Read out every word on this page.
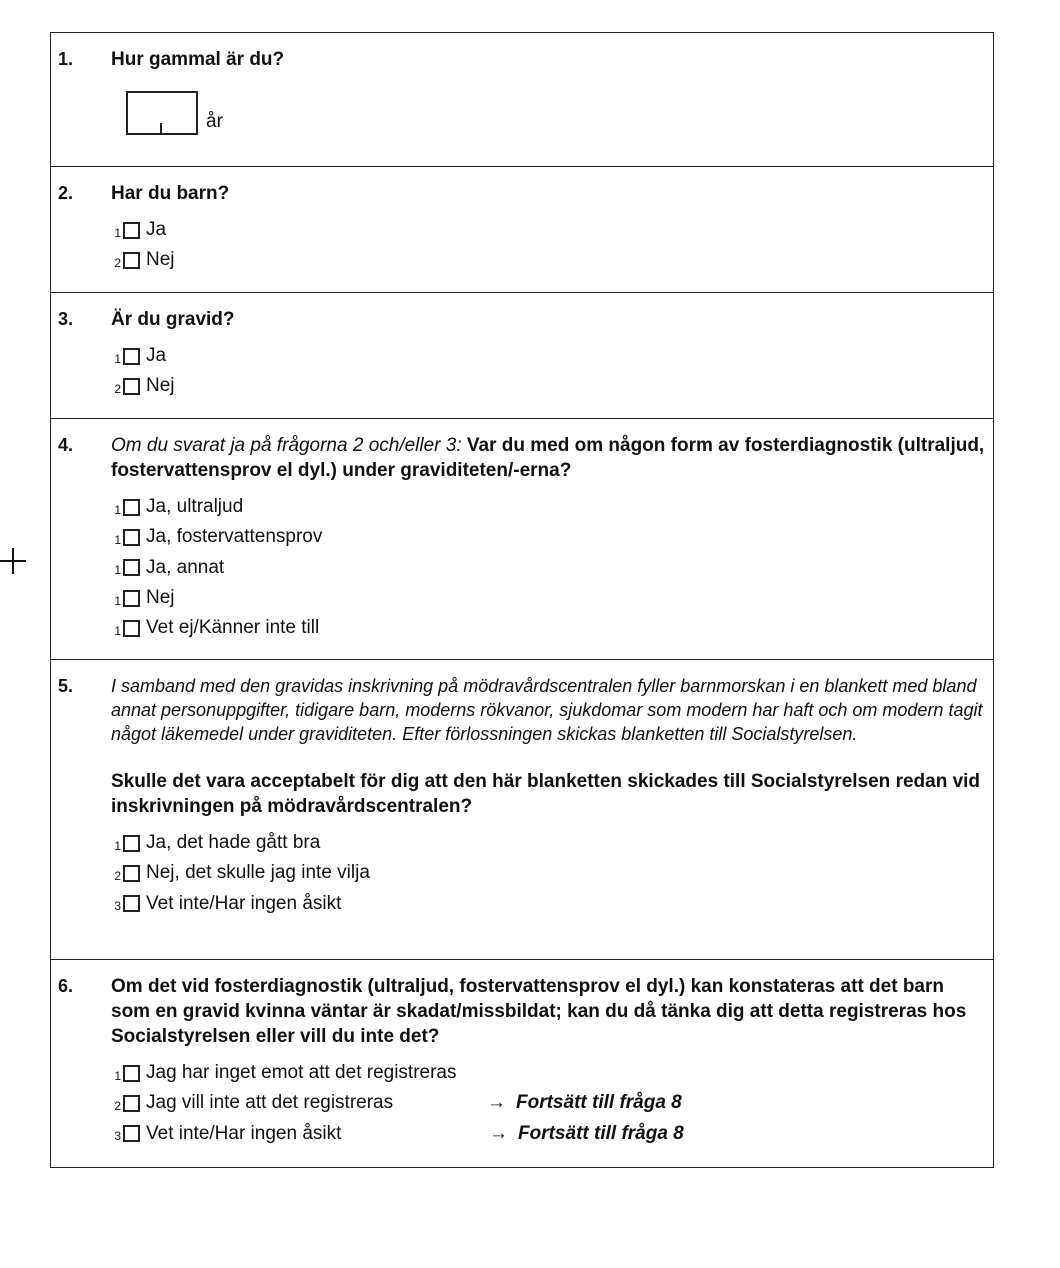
1. Hur gammal är du?

år
2. Har du barn?

1 Ja
2 Nej
3. Är du gravid?

1 Ja
2 Nej
4. Om du svarat ja på frågorna 2 och/eller 3: Var du med om någon form av fosterdiagnostik (ultraljud, fostervattensprov el dyl.) under graviditeten/-erna?

1 Ja, ultraljud
1 Ja, fostervattensprov
1 Ja, annat
1 Nej
1 Vet ej/Känner inte till
5. I samband med den gravidas inskrivning på mödravårdscentralen fyller barnmorskan i en blankett med bland annat personuppgifter, tidigare barn, moderns rökvanor, sjukdomar som modern har haft och om modern tagit något läkemedel under graviditeten. Efter förlossningen skickas blanketten till Socialstyrelsen.

Skulle det vara acceptabelt för dig att den här blanketten skickades till Socialstyrelsen redan vid inskrivningen på mödravårdscentralen?

1 Ja, det hade gått bra
2 Nej, det skulle jag inte vilja
3 Vet inte/Har ingen åsikt
6. Om det vid fosterdiagnostik (ultraljud, fostervattensprov el dyl.) kan konstateras att det barn som en gravid kvinna väntar är skadat/missbildat; kan du då tänka dig att detta registreras hos Socialstyrelsen eller vill du inte det?

1 Jag har inget emot att det registreras
2 Jag vill inte att det registreras	→ Fortsätt till fråga 8
3 Vet inte/Har ingen åsikt	→ Fortsätt till fråga 8
